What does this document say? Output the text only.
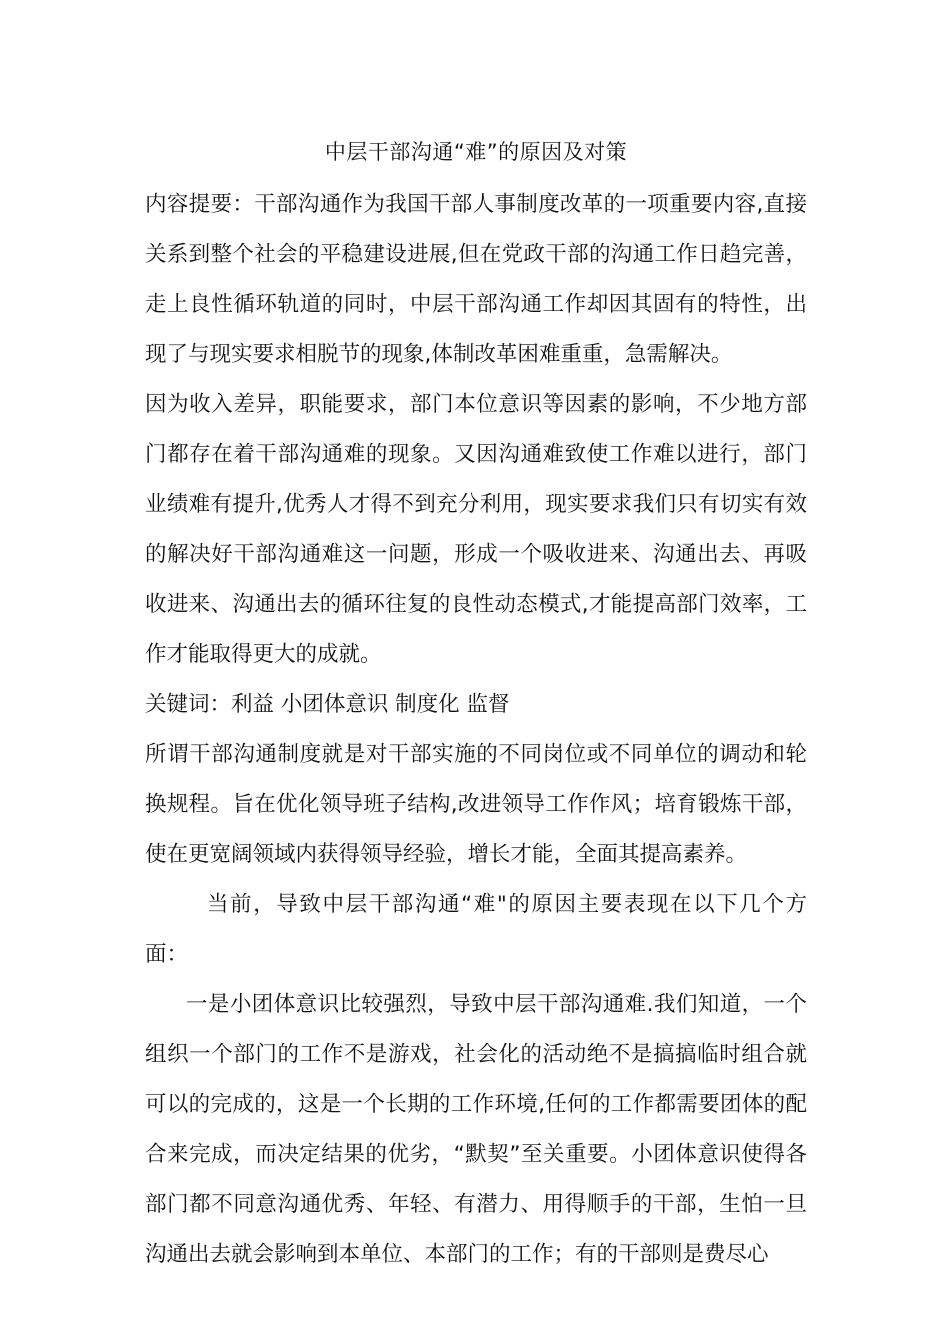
中层干部沟通“难”的原因及对策

内容提要：干部沟通作为我国干部人事制度改革的一项重要内容,直接关系到整个社会的平稳建设进展,但在党政干部的沟通工作日趋完善，走上良性循环轨道的同时，中层干部沟通工作却因其固有的特性，出现了与现实要求相脱节的现象,体制改革困难重重，急需解决。

因为收入差异，职能要求，部门本位意识等因素的影响，不少地方部门都存在着干部沟通难的现象。又因沟通难致使工作难以进行，部门业绩难有提升,优秀人才得不到充分利用，现实要求我们只有切实有效的解决好干部沟通难这一问题，形成一个吸收进来、沟通出去、再吸收进来、沟通出去的循环往复的良性动态模式,才能提高部门效率，工作才能取得更大的成就。

关键词：利益 小团体意识 制度化 监督

所谓干部沟通制度就是对干部实施的不同岗位或不同单位的调动和轮换规程。旨在优化领导班子结构,改进领导工作作风；培育锻炼干部，使在更宽阔领域内获得领导经验，增长才能，全面其提高素养。

当前，导致中层干部沟通“难"的原因主要表现在以下几个方面：

一是小团体意识比较强烈，导致中层干部沟通难.我们知道，一个组织一个部门的工作不是游戏，社会化的活动绝不是搞搞临时组合就可以的完成的，这是一个长期的工作环境,任何的工作都需要团体的配合来完成，而决定结果的优劣，“默契”至关重要。小团体意识使得各部门都不同意沟通优秀、年轻、有潜力、用得顺手的干部，生怕一旦沟通出去就会影响到本单位、本部门的工作；有的干部则是费尽心
